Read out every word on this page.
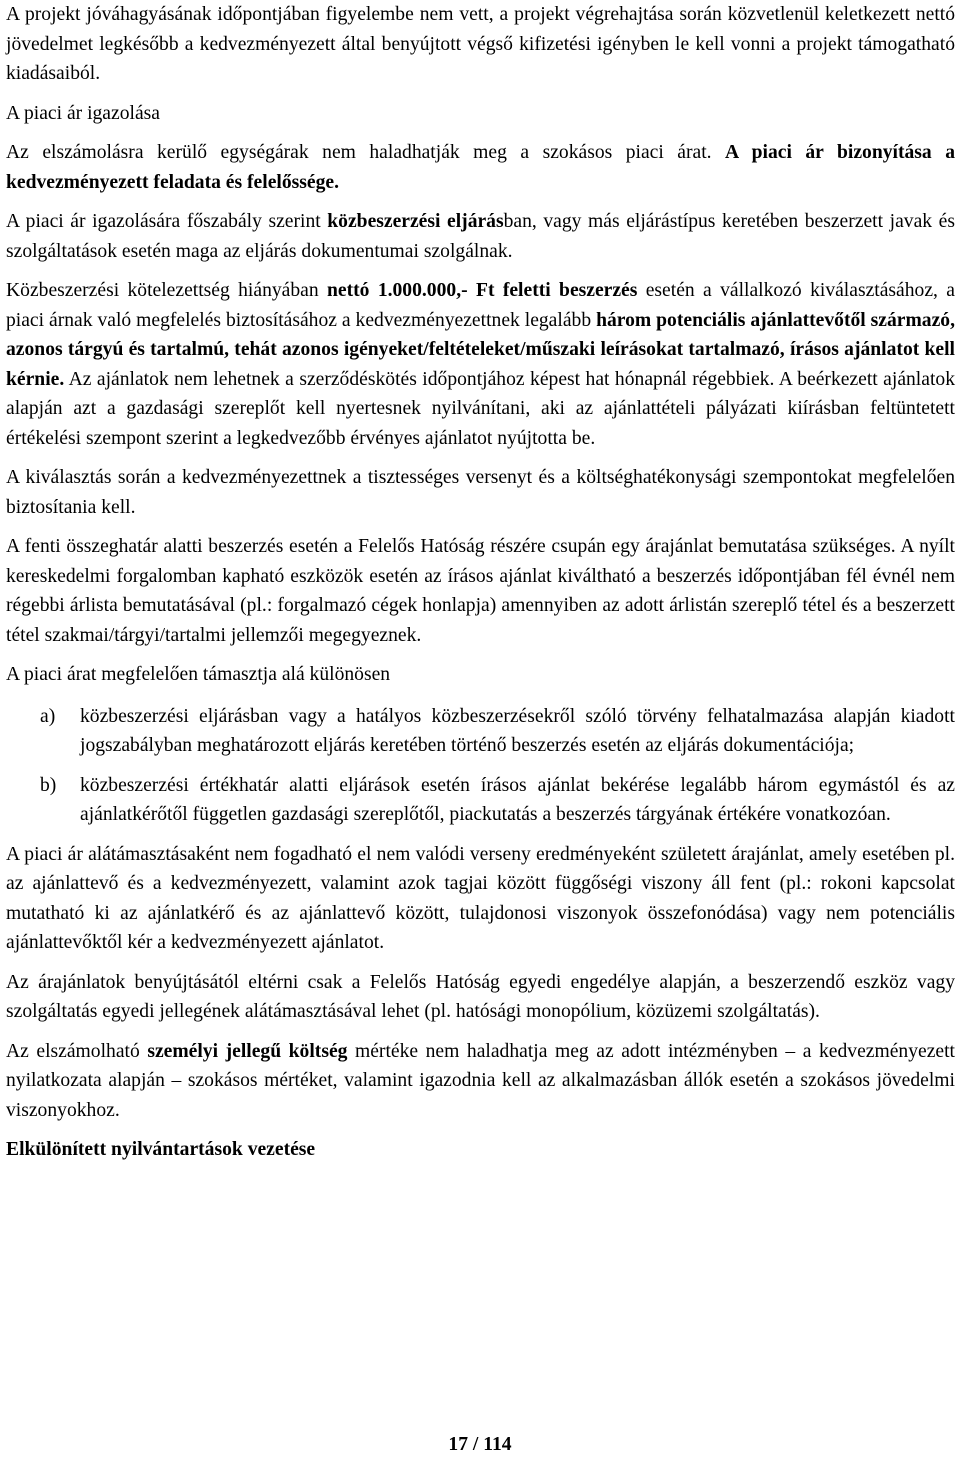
A projekt jóváhagyásának időpontjában figyelembe nem vett, a projekt végrehajtása során közvetlenül keletkezett nettó jövedelmet legkésőbb a kedvezményezett által benyújtott végső kifizetési igényben le kell vonni a projekt támogatható kiadásaiból.

A piaci ár igazolása

Az elszámolásra kerülő egységárak nem haladhatják meg a szokásos piaci árat. A piaci ár bizonyítása a kedvezményezett feladata és felelőssége.

A piaci ár igazolására főszabály szerint közbeszerzési eljárásban, vagy más eljárástípus keretében beszerzett javak és szolgáltatások esetén maga az eljárás dokumentumai szolgálnak.

Közbeszerzési kötelezettség hiányában nettó 1.000.000,- Ft feletti beszerzés esetén a vállalkozó kiválasztásához, a piaci árnak való megfelelés biztosításához a kedvezményezettnek legalább három potenciális ajánlattevőtől származó, azonos tárgyú és tartalmú, tehát azonos igényeket/feltételeket/műszaki leírásokat tartalmazó, írásos ajánlatot kell kérnie. Az ajánlatok nem lehetnek a szerződéskötés időpontjához képest hat hónapnál régebbiek. A beérkezett ajánlatok alapján azt a gazdasági szereplőt kell nyertesnek nyilvánítani, aki az ajánlattételi pályázati kiírásban feltüntetett értékelési szempont szerint a legkedvezőbb érvényes ajánlatot nyújtotta be.

A kiválasztás során a kedvezményezettnek a tisztességes versenyt és a költséghatékonysági szempontokat megfelelően biztosítania kell.

A fenti összeghatár alatti beszerzés esetén a Felelős Hatóság részére csupán egy árajánlat bemutatása szükséges. A nyílt kereskedelmi forgalomban kapható eszközök esetén az írásos ajánlat kiváltható a beszerzés időpontjában fél évnél nem régebbi árlista bemutatásával (pl.: forgalmazó cégek honlapja) amennyiben az adott árlistán szereplő tétel és a beszerzett tétel szakmai/tárgyi/tartalmi jellemzői megegyeznek.

A piaci árat megfelelően támasztja alá különösen

a) közbeszerzési eljárásban vagy a hatályos közbeszerzésekről szóló törvény felhatalmazása alapján kiadott jogszabályban meghatározott eljárás keretében történő beszerzés esetén az eljárás dokumentációja;
b) közbeszerzési értékhatár alatti eljárások esetén írásos ajánlat bekérése legalább három egymástól és az ajánlatkérőtől független gazdasági szereplőtől, piackutatás a beszerzés tárgyának értékére vonatkozóan.

A piaci ár alátámasztásaként nem fogadható el nem valódi verseny eredményeként született árajánlat, amely esetében pl. az ajánlattevő és a kedvezményezett, valamint azok tagjai között függőségi viszony áll fent (pl.: rokoni kapcsolat mutatható ki az ajánlatkérő és az ajánlattevő között, tulajdonosi viszonyok összefonódása) vagy nem potenciális ajánlattevőktől kér a kedvezményezett ajánlatot.

Az árajánlatok benyújtásától eltérni csak a Felelős Hatóság egyedi engedélye alapján, a beszerzendő eszköz vagy szolgáltatás egyedi jellegének alátámasztásával lehet (pl. hatósági monopólium, közüzemi szolgáltatás).

Az elszámolható személyi jellegű költség mértéke nem haladhatja meg az adott intézményben – a kedvezményezett nyilatkozata alapján – szokásos mértéket, valamint igazodnia kell az alkalmazásban állók esetén a szokásos jövedelmi viszonyokhoz.

Elkülönített nyilvántartások vezetése
17 / 114
